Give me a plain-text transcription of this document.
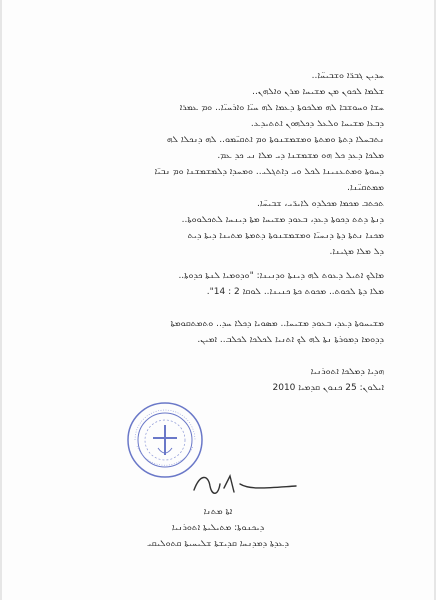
ܚܕܝܢ ܓܒܪ̈ܐ ܘܫܒܝܚ̈ܐ..
ܫܠܡܐ ܠܟܘܢ ܡܢ ܡܫܝܚܐ ܡܪܢ ܘܐܠܗܢ..
ܚܫܐ ܘܚܘܫܒܐ ܠܗ ܡܠܟܘܬܐ ܕܥܡܐ ܠܗ ܚܝ̈ܐ ܘܐܪܚܝ̈ܐ.. ܘܡ ܥܡܪܐ
ܕܒܥܐ ܡܫܝܚܐ ܘܠܥܠ ܕܟܠܗܘܢ ܐܬܬܝܕܥ.
ܢܬܒܚܠܐ ܕܬܬܐ ܘܡܬܬܐ ܘܡܫܡܫܢܘܬܐ ܘܡ ܐܬܩܝ̈ܡܘ.. ܠܗ ܕܢܟܠܐ ܠܗ
ܡܠܟܐ ܕܥܕ ܟܠ ܗܘ ܡܫܡܫܢܐ ܕܝ ܡܠܐ ܢܝ ܟܕ ܥܡ.
ܕܚܘܬܐ ܘܡܬܥܢܝܢܐ ܠܟܠ ܘܝ ܕܐܬܓܠܝ.. ܘܡܚܕܐ ܕܠܡܫܡܫܢܐ ܘܡ ܢܒܝ̈ܐ
ܡܡܬܩܝ̈ܢܐ.
ܬܟܬܒ ܡܟܡܐ ܡܟܠܕܘ ܠܐܝܪ̈ܝ، ܫܒܝܚ̈ܐ.
ܕܢܬܐ ܕܬܬ ܕܟܘܬܐ ܕܥܕ، ܒܥܘܕ ܡܫܝܚܐ ܡܬܐ ܕܝܢܚܐ ܠܬܟܠܘܘܬܐ..
ܡܟܢܐ ܢܬܬܐ ܕܬܐ ܕܢܚܝ̈ܐ ܘܡܫܡܫܢܘܬܐ ܕܬܡܬܐ ܡܬܝܢܐ ܕܝܬܐ ܕܝܬ
ܕܠ ܡܠܐ ܡܓܝܢܐ.
ܡܐܠܟ ܐܬܝܠ ܕܥܘܬ ܠܗ ܕܝܢܬܐ ܘܕܢܝܢܐ: "ܘܕܘܡܝܐ ܠܢܬܐ ܟܕܘܬܐ..
ܡܠܐ ܕܬܐ ܠܟܘܬ.. ܡܟܘܬ ܟܬܐ ܟܢܝܢܐ.. ܠܘܩܐ 2 : 14".
ܡܫܝܚܘܬܐ ܕܥܕ، ܒܥܘܕ ܡܫܝܚܐ.. ܡܣܘܝܐ ܕܟܠܐ ܚܕ.. ܘܬܡܬܩܘܡܬܐ
ܕܕܘܡܐ ܕܡܘܪܬܐ ܢܬܐ ܠܗ ܠܟ ܐܬܢܝܐ ܠܟܠܟܐ ܠܟܠܒ.. ܐܡܝܢ.
ܗܕܝܐ ܕܡܠܟܐ ܐܬܘܪܢܝܐ
ܐܝܠܘܢ: 25 ܟܢܘܢ ܩܕܡܝܐ 2010
ܐܬܐ ܡܬܢܐ
ܕܝܟܢܘܬܐ: ܡܬܝܠܝܬܐ ܐܬܘܪܢܝܐ
ܕܥܕܬܐ ܕܡܕܢܚܐ ܩܕܝܫܬܐ ܫܠܝܚܝܬܐ ܩܬܘܠܝܩܝ
